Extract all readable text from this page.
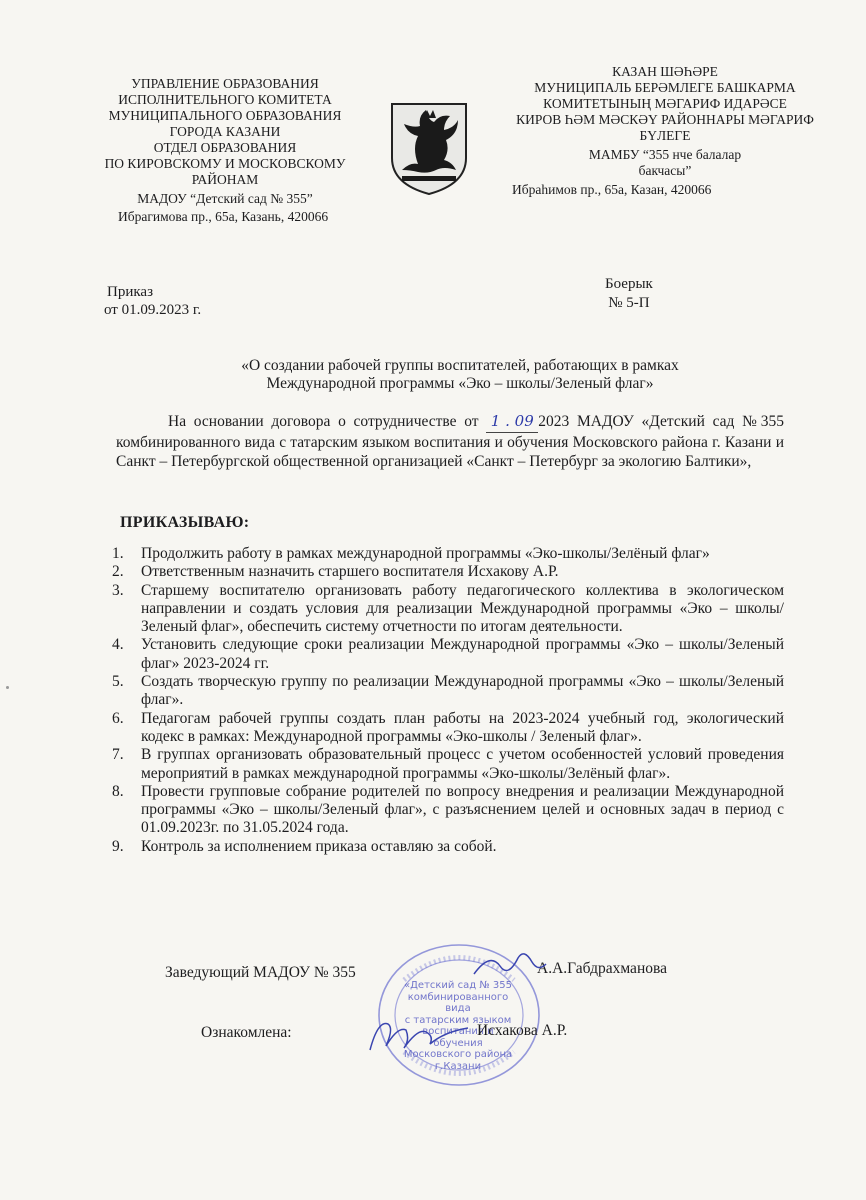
УПРАВЛЕНИЕ ОБРАЗОВАНИЯ
ИСПОЛНИТЕЛЬНОГО КОМИТЕТА
МУНИЦИПАЛЬНОГО ОБРАЗОВАНИЯ
ГОРОДА КАЗАНИ
ОТДЕЛ ОБРАЗОВАНИЯ
ПО КИРОВСКОМУ И МОСКОВСКОМУ
РАЙОНАМ
МАДОУ “Детский сад № 355”
Ибрагимова пр., 65а, Казань, 420066
КАЗАН ШӘҺӘРЕ
МУНИЦИПАЛЬ БЕРӘМЛЕГЕ БАШКАРМА
КОМИТЕТЫНЫҢ МӘГАРИФ ИДАРӘСЕ
КИРОВ ҺӘМ МӘСКӘҮ РАЙОННАРЫ МӘГАРИФ
БҮЛЕГЕ
МАМБУ “355 нче балалар
бакчасы”
Ибраһимов пр., 65а, Казан, 420066
Приказ
от 01.09.2023 г.
Боерык
№ 5-П
«О создании рабочей группы воспитателей, работающих в рамках
Международной программы «Эко – школы/Зеленый флаг»
На основании договора о сотрудничестве от 1 . 09 2023 МАДОУ «Детский сад №355 комбинированного вида с татарским языком воспитания и обучения Московского района г. Казани и Санкт – Петербургской общественной организацией «Санкт – Петербург за экологию Балтики»,
ПРИКАЗЫВАЮ:
1. Продолжить работу в рамках международной программы «Эко-школы/Зелёный флаг»
2. Ответственным назначить старшего воспитателя Исхакову А.Р.
3. Старшему воспитателю организовать работу педагогического коллектива в экологическом направлении и создать условия для реализации Международной программы «Эко – школы/Зеленый флаг», обеспечить систему отчетности по итогам деятельности.
4. Установить следующие сроки реализации Международной программы «Эко – школы/Зеленый флаг» 2023-2024 гг.
5. Создать творческую группу по реализации Международной программы «Эко – школы/Зеленый флаг».
6. Педагогам рабочей группы создать план работы на 2023-2024 учебный год, экологический кодекс в рамках: Международной программы «Эко-школы / Зеленый флаг».
7. В группах организовать образовательный процесс с учетом особенностей условий проведения мероприятий в рамках международной программы «Эко-школы/Зелёный флаг».
8. Провести групповые собрание родителей по вопросу внедрения и реализации Международной программы «Эко – школы/Зеленый флаг», с разъяснением целей и основных задач в период с 01.09.2023г. по 31.05.2024 года.
9. Контроль за исполнением приказа оставляю за собой.
«Детский сад № 355
комбинированного вида
с татарским языком
воспитания и обучения
Московского района
г.Казани
Заведующий МАДОУ № 355	А.А.Габдрахманова
Ознакомлена:	Исхакова А.Р.
